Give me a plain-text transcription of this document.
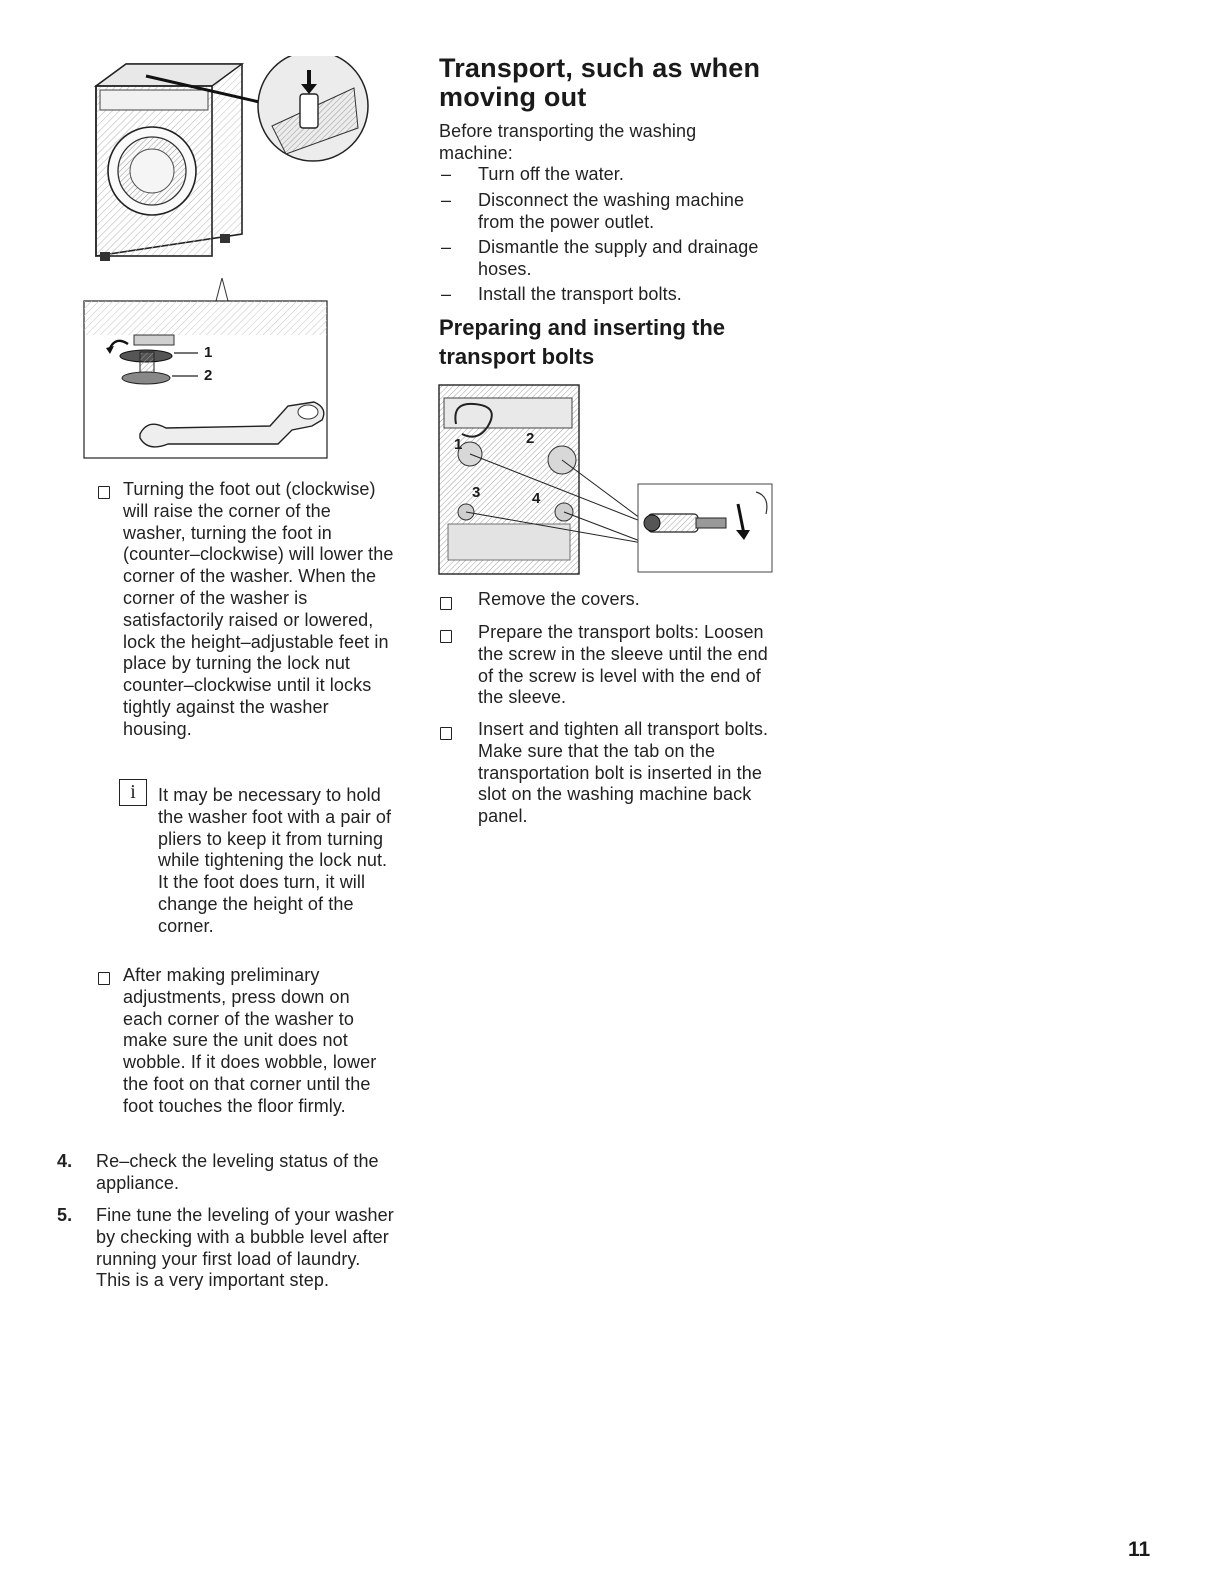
1
2
Turning the foot out (clockwise) will raise the corner of the washer, turning the foot in (counter–clockwise) will lower the corner of the washer. When the corner of the washer is satisfactorily raised or lowered, lock the height–adjustable feet in place by turning the lock nut counter–clockwise until it locks tightly against the washer housing.
i	It may be necessary to hold the washer foot with a pair of pliers to keep it from turning while tightening the lock nut. It the foot does turn, it will change the height of the corner.
After making preliminary adjustments, press down on each corner of the washer to make sure the unit does not wobble. If it does wobble, lower the foot on that corner until the foot touches the floor firmly.
4. Re–check the leveling status of the appliance.
5. Fine tune the leveling of your washer by checking with a bubble level after running your first load of laundry. This is a very important step.
Transport, such as when moving out
Before transporting the washing machine:
– Turn off the water.
– Disconnect the washing machine from the power outlet.
– Dismantle the supply and drainage hoses.
– Install the transport bolts.
Preparing and inserting the transport bolts
1	2
3	4
Remove the covers.
Prepare the transport bolts: Loosen the screw in the sleeve until the end of the screw is level with the end of the sleeve.
Insert and tighten all transport bolts. Make sure that the tab on the transportation bolt is inserted in the slot on the washing machine back panel.
11
